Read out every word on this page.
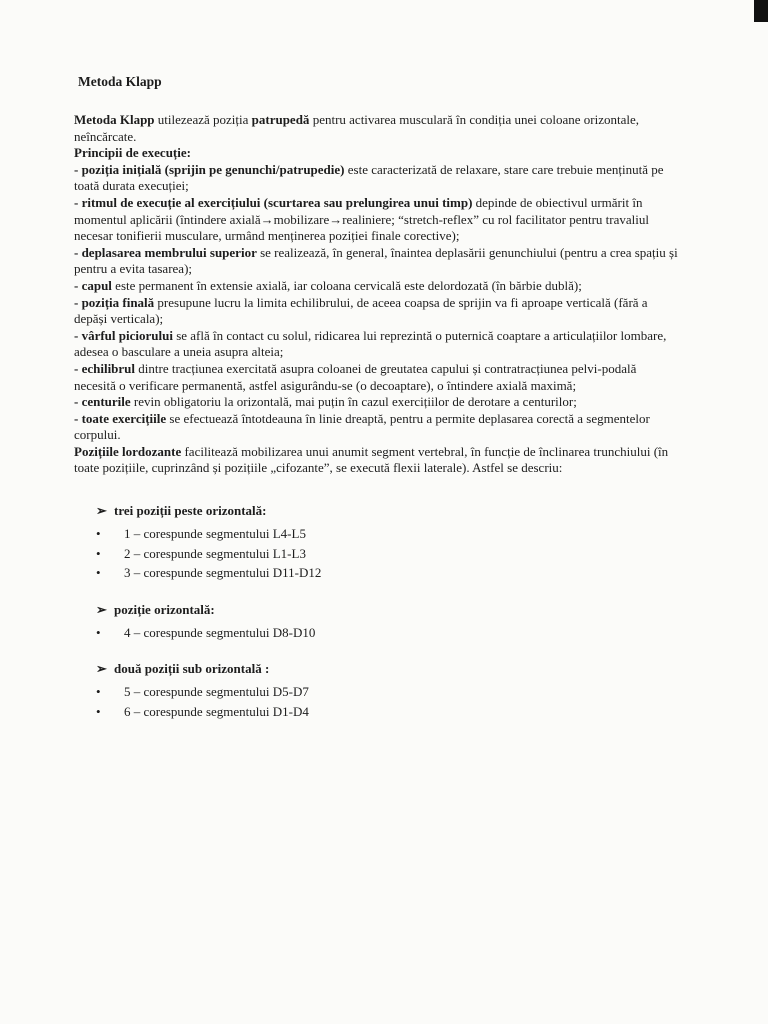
Metoda Klapp

Metoda Klapp utilezează poziția patrupedă pentru activarea musculară în condiția unei coloane orizontale, neîncărcate.

Principii de execuție:

- poziția inițială (sprijin pe genunchi/patrupedie) este caracterizată de relaxare, stare care trebuie menținută pe toată durata execuției;

- ritmul de execuție al exercițiului (scurtarea sau prelungirea unui timp) depinde de obiectivul urmărit în momentul aplicării (întindere axială→mobilizare→realiniere; “stretch-reflex” cu rol facilitator pentru travaliul necesar tonifierii musculare, urmând menținerea poziției finale corective);

- deplasarea membrului superior se realizează, în general, înaintea deplasării genunchiului (pentru a crea spațiu și pentru a evita tasarea);

- capul este permanent în extensie axială, iar coloana cervicală este delordozată (în bărbie dublă);

- poziția finală presupune lucru la limita echilibrului, de aceea coapsa de sprijin va fi aproape verticală (fără a depăși verticala);

- vârful piciorului se află în contact cu solul, ridicarea lui reprezintă o puternică coaptare a articulațiilor lombare, adesea o basculare a uneia asupra alteia;

- echilibrul dintre tracțiunea exercitată asupra coloanei de greutatea capului și contratracțiunea pelvi-podală necesită o verificare permanentă, astfel asigurându-se (o decoaptare), o întindere axială maximă;

- centurile revin obligatoriu la orizontală, mai puțin în cazul exercițiilor de derotare a centurilor;

- toate exercițiile se efectuează întotdeauna în linie dreaptă, pentru a permite deplasarea corectă a segmentelor corpului.

Pozițiile lordozante facilitează mobilizarea unui anumit segment vertebral, în funcție de înclinarea trunchiului (în toate pozițiile, cuprinzând și pozițiile „cifozante”, se execută flexii laterale). Astfel se descriu:

➢ trei poziții peste orizontală:
• 1 – corespunde segmentului L4-L5
• 2 – corespunde segmentului L1-L3
• 3 – corespunde segmentului D11-D12
➢ poziție orizontală:
• 4 – corespunde segmentului D8-D10
➢ două poziții sub orizontală :
• 5 – corespunde segmentului D5-D7
• 6 – corespunde segmentului D1-D4
